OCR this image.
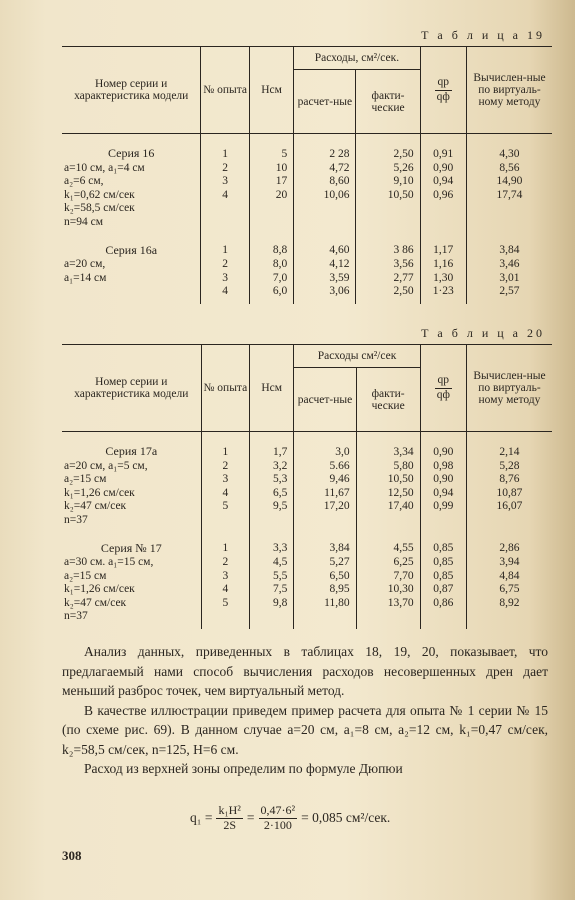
Т а б л и ц а 19
Номер серии и характеристика модели	№ опыта	Hсм	Расходы, см²/сек.		$\frac{qр}{qф}$	Вычислен-ные по виртуаль-ному методу
			расчет-ные	факти-ческие		
Серия 16	1	5	2 28	2,50	0,91	4,30
a=10 см, a₁=4 см	2	10	4,72	5,26	0,90	8,56
a₂=6 см,	3	17	8,60	9,10	0,94	14,90
k₁=0,62 см/сек	4	20	10,06	10,50	0,96	17,74
k₂=58,5 см/сек						
n=94 см						
Серия 16а	1	8,8	4,60	3 86	1,17	3,84
a=20 см,	2	8,0	4,12	3,56	1,16	3,46
a₁=14 см	3	7,0	3,59	2,77	1,30	3,01
	4	6,0	3,06	2,50	1·23	2,57

Т а б л и ц а 20
Номер серии и характеристика модели	№ опыта	Hсм	Расходы см²/сек		$\frac{qр}{qф}$	Вычислен-ные по виртуаль-ному методу
			расчет-ные	факти-ческие		
Серия 17а	1	1,7	3,0	3,34	0,90	2,14
a=20 см, a₁=5 см,	2	3,2	5.66	5,80	0,98	5,28
a₂=15 см	3	5,3	9,46	10,50	0,90	8,76
k₁=1,26 см/сек	4	6,5	11,67	12,50	0,94	10,87
k₂=47 см/сек	5	9,5	17,20	17,40	0,99	16,07
n=37						
Серия № 17	1	3,3	3,84	4,55	0,85	2,86
a=30 см. a₁=15 см,	2	4,5	5,27	6,25	0,85	3,94
a₂=15 см	3	5,5	6,50	7,70	0,85	4,84
k₁=1,26 см/сек	4	7,5	8,95	10,30	0,87	6,75
k₂=47 см/сек	5	9,8	11,80	13,70	0,86	8,92
n=37						

Анализ данных, приведенных в таблицах 18, 19, 20, показывает, что предлагаемый нами способ вычисления расходов несовершенных дрен дает меньший разброс точек, чем виртуальный метод.

В качестве иллюстрации приведем пример расчета для опыта № 1 серии № 15 (по схеме рис. 69). В данном случае a=20 см, a₁=8 см, a₂=12 см, k₁=0,47 см/сек, k₂=58,5 см/сек, n=125, H=6 см.

Расход из верхней зоны определим по формуле Дюпюи

$q_1 = \frac{\text{k₁H²}}{2S} = \frac{\text{0,47·6²}}{2\cdot 100} = 0,085$ см²/сек.
308
